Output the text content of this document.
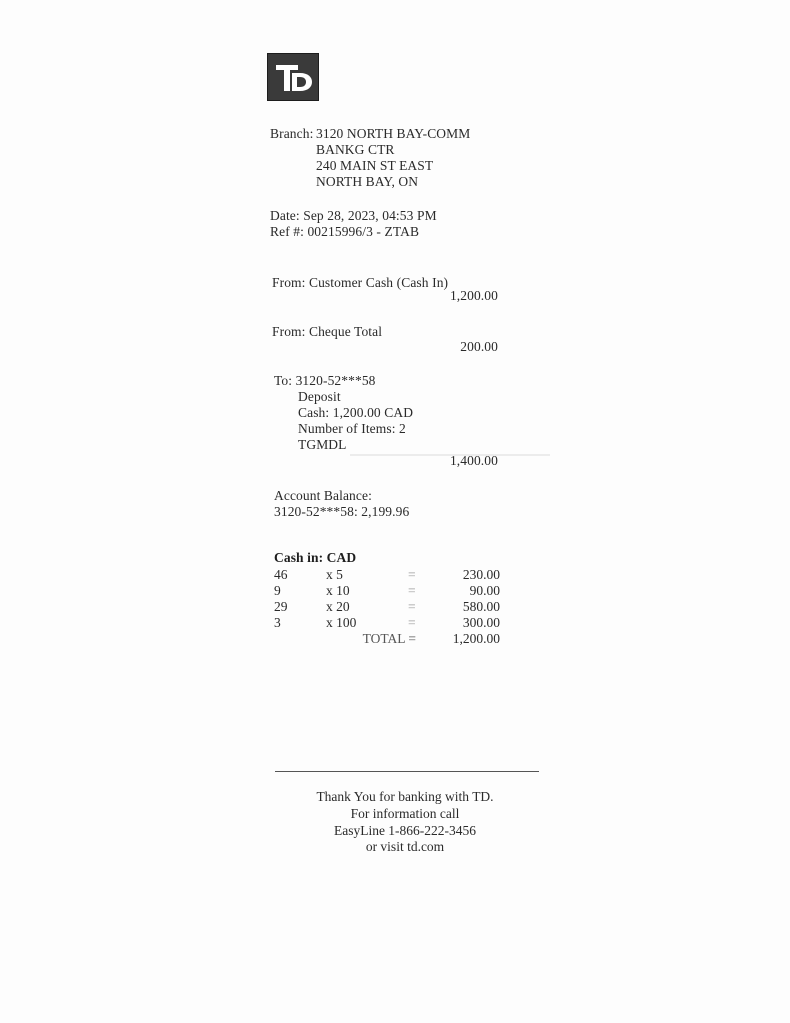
Branch: 3120 NORTH BAY-COMM
BANKG CTR
240 MAIN ST EAST
NORTH BAY, ON
Date: Sep 28, 2023, 04:53 PM
Ref #: 00215996/3 - ZTAB
From: Customer Cash (Cash In)
1,200.00
From: Cheque Total
200.00
To: 3120-52***58
Deposit
Cash: 1,200.00 CAD
Number of Items: 2
TGMDL
1,400.00
Account Balance:
3120-52***58: 2,199.96
Cash in: CAD
46	x 5	=	230.00
9	x 10	=	90.00
29	x 20	=	580.00
3	x 100	=	300.00
TOTAL =	1,200.00
Thank You for banking with TD.
For information call
EasyLine 1-866-222-3456
or visit td.com
